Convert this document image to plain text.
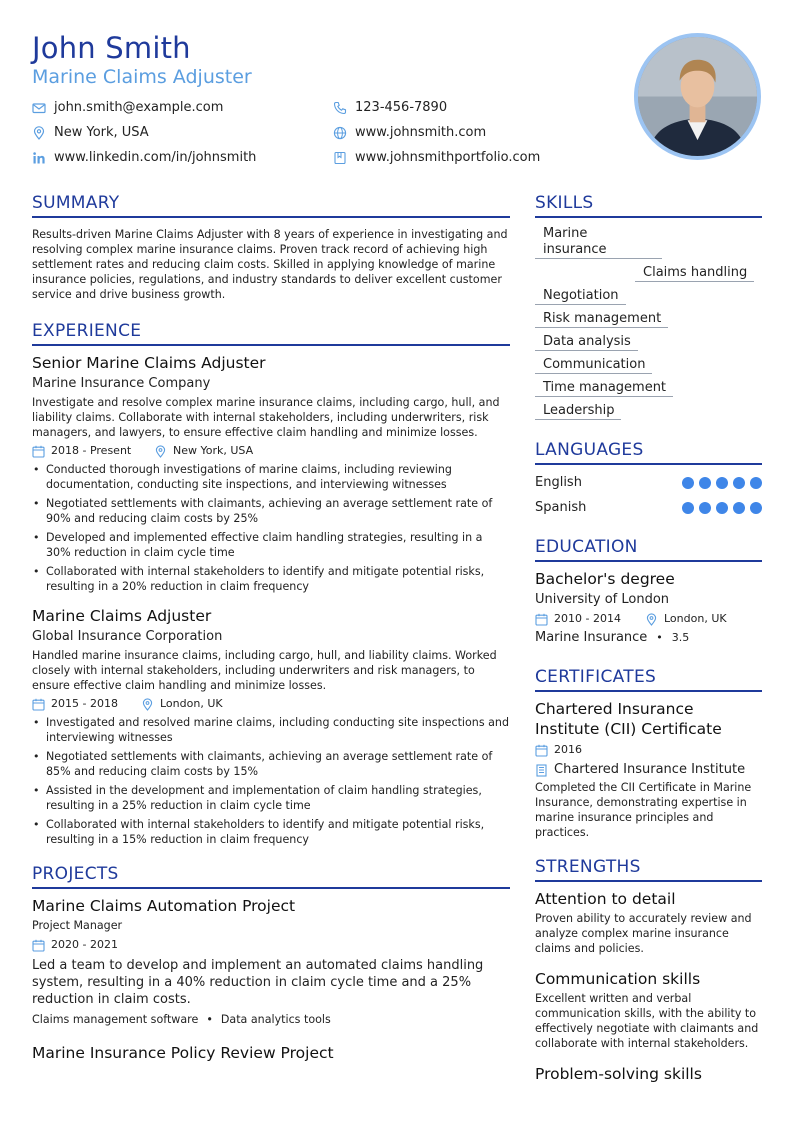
John Smith
Marine Claims Adjuster
john.smith@example.com
New York, USA
www.linkedin.com/in/johnsmith
123-456-7890
www.johnsmith.com
www.johnsmithportfolio.com
SUMMARY
Results-driven Marine Claims Adjuster with 8 years of experience in investigating and resolving complex marine insurance claims. Proven track record of achieving high settlement rates and reducing claim costs. Skilled in applying knowledge of marine insurance policies, regulations, and industry standards to deliver excellent customer service and drive business growth.
EXPERIENCE
Senior Marine Claims Adjuster
Marine Insurance Company
Investigate and resolve complex marine insurance claims, including cargo, hull, and liability claims. Collaborate with internal stakeholders, including underwriters, risk managers, and lawyers, to ensure effective claim handling and minimize losses.
2018 - Present	New York, USA
• Conducted thorough investigations of marine claims, including reviewing documentation, conducting site inspections, and interviewing witnesses
• Negotiated settlements with claimants, achieving an average settlement rate of 90% and reducing claim costs by 25%
• Developed and implemented effective claim handling strategies, resulting in a 30% reduction in claim cycle time
• Collaborated with internal stakeholders to identify and mitigate potential risks, resulting in a 20% reduction in claim frequency
Marine Claims Adjuster
Global Insurance Corporation
Handled marine insurance claims, including cargo, hull, and liability claims. Worked closely with internal stakeholders, including underwriters and risk managers, to ensure effective claim handling and minimize losses.
2015 - 2018	London, UK
• Investigated and resolved marine claims, including conducting site inspections and interviewing witnesses
• Negotiated settlements with claimants, achieving an average settlement rate of 85% and reducing claim costs by 15%
• Assisted in the development and implementation of claim handling strategies, resulting in a 25% reduction in claim cycle time
• Collaborated with internal stakeholders to identify and mitigate potential risks, resulting in a 15% reduction in claim frequency
PROJECTS
Marine Claims Automation Project
Project Manager
2020 - 2021
Led a team to develop and implement an automated claims handling system, resulting in a 40% reduction in claim cycle time and a 25% reduction in claim costs.
Claims management software • Data analytics tools
Marine Insurance Policy Review Project
SKILLS
Marine insurance
Claims handling
Negotiation
Risk management
Data analysis
Communication
Time management
Leadership
LANGUAGES
English
Spanish
EDUCATION
Bachelor's degree
University of London
2010 - 2014	London, UK
Marine Insurance • 3.5
CERTIFICATES
Chartered Insurance Institute (CII) Certificate
2016
Chartered Insurance Institute
Completed the CII Certificate in Marine Insurance, demonstrating expertise in marine insurance principles and practices.
STRENGTHS
Attention to detail
Proven ability to accurately review and analyze complex marine insurance claims and policies.
Communication skills
Excellent written and verbal communication skills, with the ability to effectively negotiate with claimants and collaborate with internal stakeholders.
Problem-solving skills
